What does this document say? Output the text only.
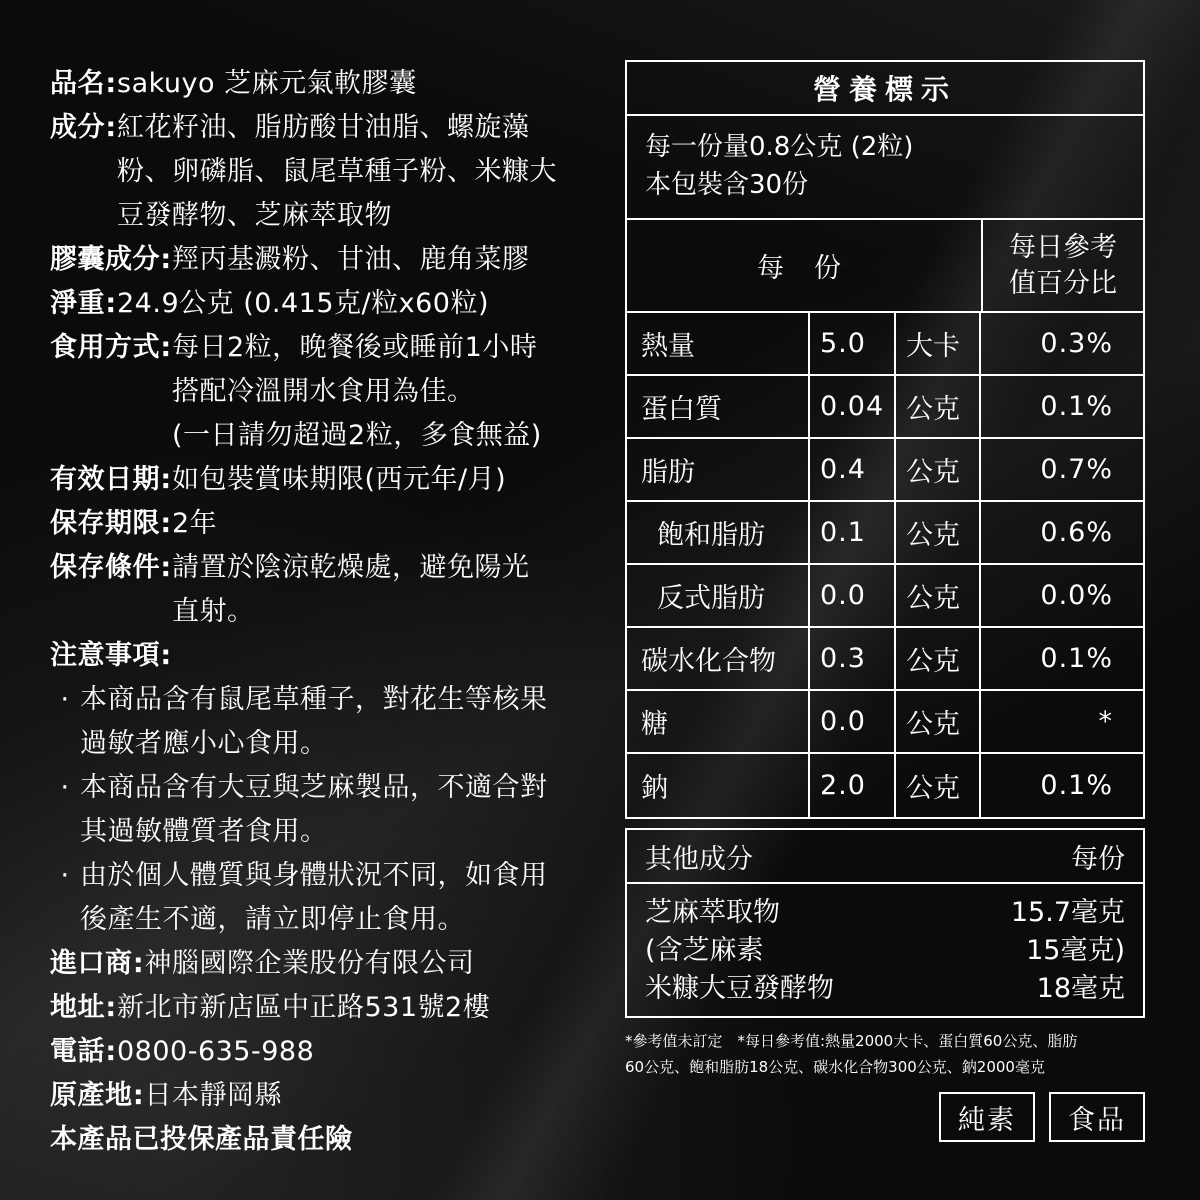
品名 : sakuyo 芝麻元氣軟膠囊
成分 : 紅花籽油、脂肪酸甘油脂、螺旋藻
粉、卵磷脂、鼠尾草種子粉、米糠大
豆發酵物、芝麻萃取物
膠囊成分 : 羥丙基澱粉、甘油、鹿角菜膠
淨重 : 24.9公克 (0.415克/粒x60粒)
食用方式 : 每日2粒，晚餐後或睡前1小時
搭配冷溫開水食用為佳。
(一日請勿超過2粒，多食無益)
有效日期 : 如包裝賞味期限(西元年/月)
保存期限 : 2年
保存條件 : 請置於陰涼乾燥處，避免陽光
直射。
注意事項 :
· 本商品含有鼠尾草種子，對花生等核果
過敏者應小心食用。
· 本商品含有大豆與芝麻製品，不適合對
其過敏體質者食用。
· 由於個人體質與身體狀況不同，如食用
後產生不適，請立即停止食用。
進口商 : 神腦國際企業股份有限公司
地址 : 新北市新店區中正路531號2樓
電話 : 0800-635-988
原產地 : 日本靜岡縣
本產品已投保產品責任險
營養標示
每一份量0.8公克 (2粒)
本包裝含30份
每份
每日參考
值百分比
熱量	5.0	大卡	0.3%
蛋白質	0.04 公克	0.1%
脂肪	0.4	公克	0.7%
飽和脂肪	0.1	公克	0.6%
反式脂肪	0.0	公克	0.0%
碳水化合物	0.3	公克	0.1%
糖	0.0	公克	*
鈉	2.0	公克	0.1%
其他成分	每份
芝麻萃取物	15.7毫克
(含芝麻素	15毫克)
米糠大豆發酵物	18毫克
*參考值未訂定　*每日參考值:熱量2000大卡、蛋白質60公克、脂肪
60公克、飽和脂肪18公克、碳水化合物300公克、鈉2000毫克
純素	食品
